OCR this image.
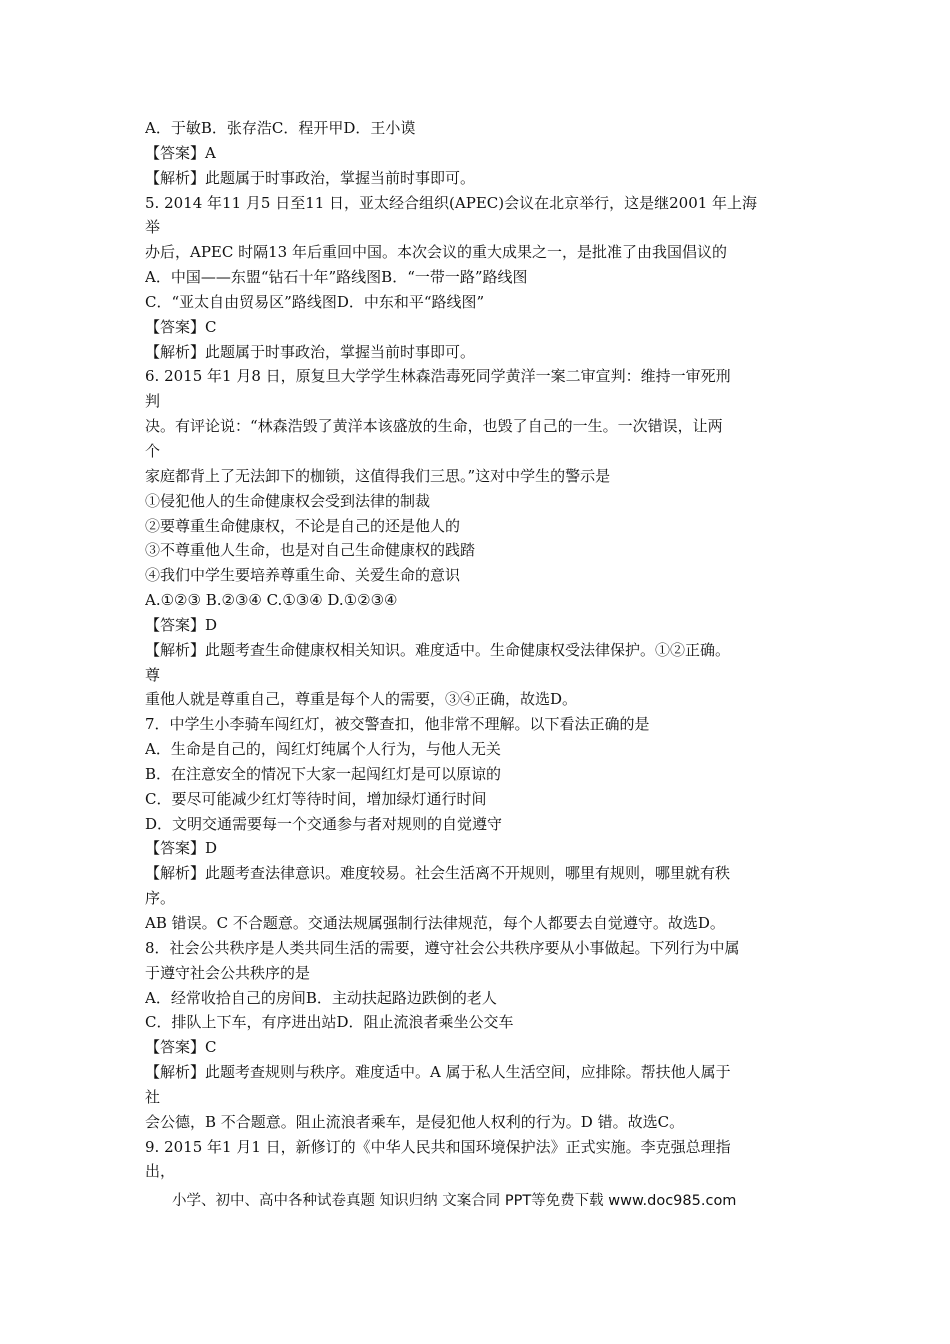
A．于敏B．张存浩C．程开甲D．王小谟
【答案】A
【解析】此题属于时事政治，掌握当前时事即可。
5. 2014 年11 月5 日至11 日，亚太经合组织(APEC)会议在北京举行，这是继2001 年上海
举
办后，APEC 时隔13 年后重回中国。本次会议的重大成果之一，是批准了由我国倡议的
A．中国——东盟“钻石十年”路线图B．“一带一路”路线图
C．“亚太自由贸易区”路线图D．中东和平“路线图”
【答案】C
【解析】此题属于时事政治，掌握当前时事即可。
6. 2015 年1 月8 日，原复旦大学学生林森浩毒死同学黄洋一案二审宣判：维持一审死刑
判
决。有评论说：“林森浩毁了黄洋本该盛放的生命，也毁了自己的一生。一次错误，让两
个
家庭都背上了无法卸下的枷锁，这值得我们三思。”这对中学生的警示是
①侵犯他人的生命健康权会受到法律的制裁
②要尊重生命健康权，不论是自己的还是他人的
③不尊重他人生命，也是对自己生命健康权的践踏
④我们中学生要培养尊重生命、关爱生命的意识
A.①②③ B.②③④ C.①③④ D.①②③④
【答案】D
【解析】此题考查生命健康权相关知识。难度适中。生命健康权受法律保护。①②正确。
尊
重他人就是尊重自己，尊重是每个人的需要，③④正确，故选D。
7．中学生小李骑车闯红灯，被交警查扣，他非常不理解。以下看法正确的是
A．生命是自己的，闯红灯纯属个人行为，与他人无关
B．在注意安全的情况下大家一起闯红灯是可以原谅的
C．要尽可能减少红灯等待时间，增加绿灯通行时间
D．文明交通需要每一个交通参与者对规则的自觉遵守
【答案】D
【解析】此题考查法律意识。难度较易。社会生活离不开规则，哪里有规则，哪里就有秩
序。
AB 错误。C 不合题意。交通法规属强制行法律规范，每个人都要去自觉遵守。故选D。
8．社会公共秩序是人类共同生活的需要，遵守社会公共秩序要从小事做起。下列行为中属
于遵守社会公共秩序的是
A．经常收拾自己的房间B．主动扶起路边跌倒的老人
C．排队上下车，有序进出站D．阻止流浪者乘坐公交车
【答案】C
【解析】此题考查规则与秩序。难度适中。A 属于私人生活空间，应排除。帮扶他人属于
社
会公德，B 不合题意。阻止流浪者乘车，是侵犯他人权利的行为。D 错。故选C。
9. 2015 年1 月1 日，新修订的《中华人民共和国环境保护法》正式实施。李克强总理指
出，
小学、初中、高中各种试卷真题 知识归纳 文案合同 PPT等免费下载 www.doc985.com
